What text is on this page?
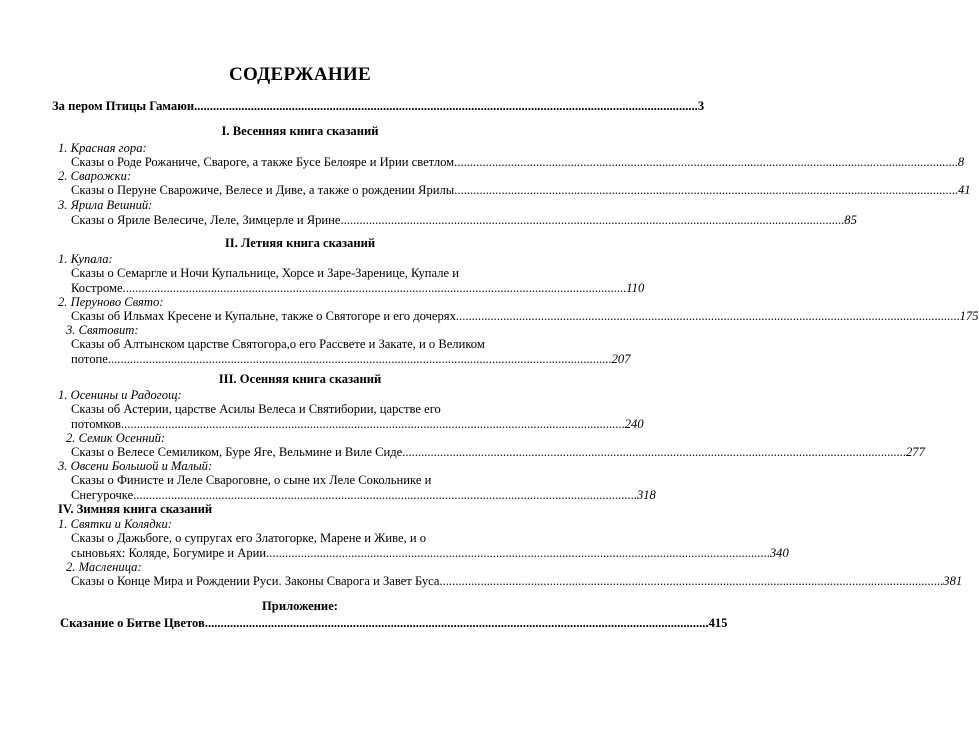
СОДЕРЖАНИЕ
За пером Птицы Гамаюн ................................................................................................................................................................ 3
I. Весенняя книга сказаний
1. Красная гора:
Сказы о Роде Рожаниче, Свароге, а также Бусе Белояре и Ирии светлом ................................................................................................................................................................ 8
2. Сварожки:
Сказы о Перуне Сварожиче, Велесе и Диве, а также о рождении Ярилы ................................................................................................................................................................ 41
3. Ярила Вешний:
Сказы о Яриле Велесиче, Леле, Зимцерле и Ярине ................................................................................................................................................................ 85
II. Летняя книга сказаний
1. Купала:
Сказы о Семаргле и Ночи Купальнице, Хорсе и Заре-Заренице, Купале и
Костроме ................................................................................................................................................................ 110
2. Перуново Свято:
Сказы об Ильмах Кресене и Купальне, также о Святогоре и его дочерях ................................................................................................................................................................ 175
3. Святовит:
Сказы об Алтынском царстве Святогора,о его Рассвете и Закате, и о Великом
потопе ................................................................................................................................................................ 207
III. Осенняя книга сказаний
1. Осенины и Радогощ:
Сказы об Астерии, царстве Асилы Велеса и Святибории, царстве его
потомков ................................................................................................................................................................ 240
2. Семик Осенний:
Сказы о Велесе Семиликом, Буре Яге, Вельмине и Виле Сиде ................................................................................................................................................................ 277
3. Овсени Большой и Малый:
Сказы о Финисте и Леле Свароговне, о сыне их Леле Сокольнике и
Снегурочке ................................................................................................................................................................ 318
IV. Зимняя книга сказаний
1. Святки и Колядки:
Сказы о Дажьбоге, о супругах его Златогорке, Марене и Живе, и о
сыновьях: Коляде, Богумире и Арии ................................................................................................................................................................ 340
2. Масленица:
Сказы о Конце Мира и Рождении Руси. Законы Сварога и Завет Буса ................................................................................................................................................................ 381
Приложение:
Сказание о Битве Цветов ................................................................................................................................................................ 415
